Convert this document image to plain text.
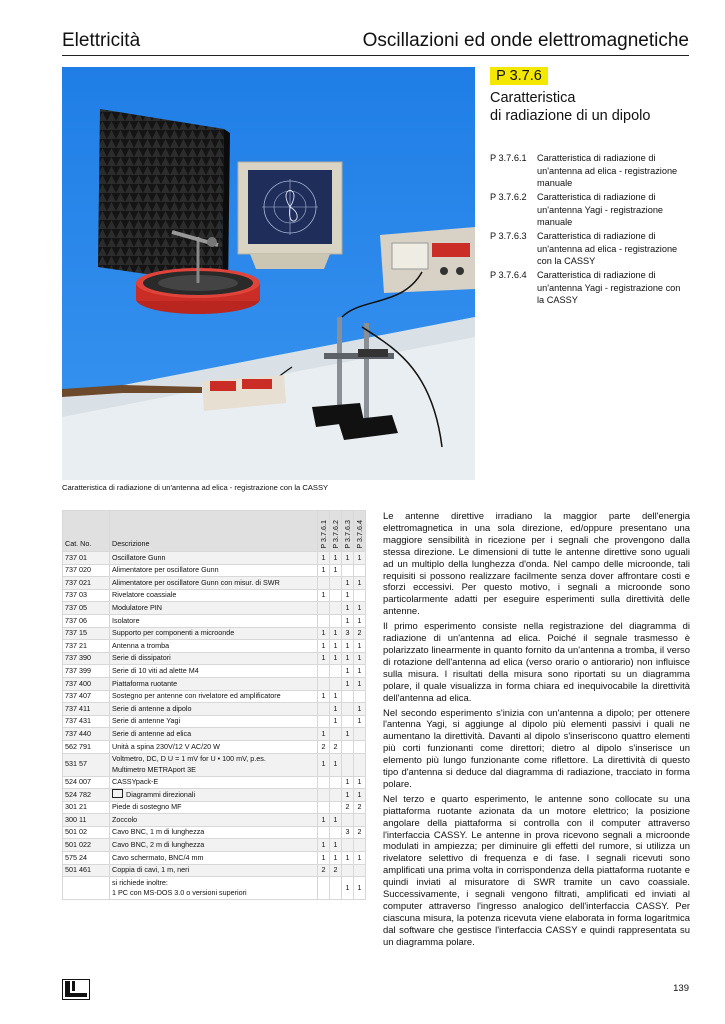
Elettricità	Oscillazioni ed onde elettromagnetiche
Caratteristica di radiazione di un'antenna ad elica - registrazione con la CASSY
P 3.7.6
Caratteristica
di radiazione di un dipolo
P 3.7.6.1	Caratteristica di radiazione di un'antenna ad elica - registrazione manuale
P 3.7.6.2	Caratteristica di radiazione di un'antenna Yagi - registrazione manuale
P 3.7.6.3	Caratteristica di radiazione di un'antenna ad elica - registrazione con la CASSY
P 3.7.6.4	Caratteristica di radiazione di un'antenna Yagi - registrazione con la CASSY
Cat. No.	Descrizione	P 3.7.6.1	P 3.7.6.2	P 3.7.6.3	P 3.7.6.4

737 01	Oscillatore Gunn	1	1	1	1
737 020	Alimentatore per oscillatore Gunn	1	1		
737 021	Alimentatore per oscillatore Gunn con misur. di SWR			1	1
737 03	Rivelatore coassiale	1		1	
737 05	Modulatore PIN			1	1
737 06	Isolatore			1	1
737 15	Supporto per componenti a microonde	1	1	3	2
737 21	Antenna a tromba	1	1	1	1
737 390	Serie di dissipatori	1	1	1	1
737 399	Serie di 10 viti ad alette M4			1	1
737 400	Piattaforma ruotante			1	1
737 407	Sostegno per antenne con rivelatore ed amplificatore	1	1		
737 411	Serie di antenne a dipolo		1		1
737 431	Serie di antenne Yagi		1		1
737 440	Serie di antenne ad elica	1		1	
562 791	Unità a spina 230V/12 V AC/20 W	2	2		
531 57	Voltmetro, DC, D U = 1 mV for U • 100 mV, p.es.
Multimetro METRAport 3E	1	1		
524 007	CASSYpack-E			1	1
524 782	Diagrammi direzionali			1	1
301 21	Piede di sostegno MF			2	2
300 11	Zoccolo	1	1		
501 02	Cavo BNC, 1 m di lunghezza			3	2
501 022	Cavo BNC, 2 m di lunghezza	1	1		
575 24	Cavo schermato, BNC/4 mm	1	1	1	1
501 461	Coppia di cavi, 1 m, neri	2	2		

	si richiede inoltre:
1 PC con MS-DOS 3.0 o versioni superiori			1	1

Le antenne direttive irradiano la maggior parte dell'energia elettromagnetica in una sola direzione, ed/oppure presentano una maggiore sensibilità in ricezione per i segnali che provengono dalla stessa direzione. Le dimensioni di tutte le antenne direttive sono uguali ad un multiplo della lunghezza d'onda. Nel campo delle microonde, tali requisiti si possono realizzare facilmente senza dover affrontare costi e sforzi eccessivi. Per questo motivo, i segnali a microonde sono particolarmente adatti per eseguire esperimenti sulla direttività delle antenne.

Il primo esperimento consiste nella registrazione del diagramma di radiazione di un'antenna ad elica. Poiché il segnale trasmesso è polarizzato linearmente in quanto fornito da un'antenna a tromba, il verso di rotazione dell'antenna ad elica (verso orario o antiorario) non influisce sulla misura. I risultati della misura sono riportati su un diagramma polare, il quale visualizza in forma chiara ed inequivocabile la direttività dell'antenna ad elica.

Nel secondo esperimento s'inizia con un'antenna a dipolo; per ottenere l'antenna Yagi, si aggiunge al dipolo più elementi passivi i quali ne aumentano la direttività. Davanti al dipolo s'inseriscono quattro elementi più corti funzionanti come direttori; dietro al dipolo s'inserisce un elemento più lungo funzionante come riflettore. La direttività di questo tipo d'antenna si deduce dal diagramma di radiazione, tracciato in forma polare.

Nel terzo e quarto esperimento, le antenne sono collocate su una piattaforma ruotante azionata da un motore elettrico; la posizione angolare della piattaforma si controlla con il computer attraverso l'interfaccia CASSY. Le antenne in prova ricevono segnali a microonde modulati in ampiezza; per diminuire gli effetti del rumore, si utilizza un rivelatore selettivo di frequenza e di fase. I segnali ricevuti sono amplificati una prima volta in corrispondenza della piattaforma ruotante e quindi inviati al misuratore di SWR tramite un cavo coassiale. Successivamente, i segnali vengono filtrati, amplificati ed inviati al computer attraverso l'ingresso analogico dell'interfaccia CASSY. Per ciascuna misura, la potenza ricevuta viene elaborata in forma logaritmica dal software che gestisce l'interfaccia CASSY e quindi rappresentata su un diagramma polare.

139
